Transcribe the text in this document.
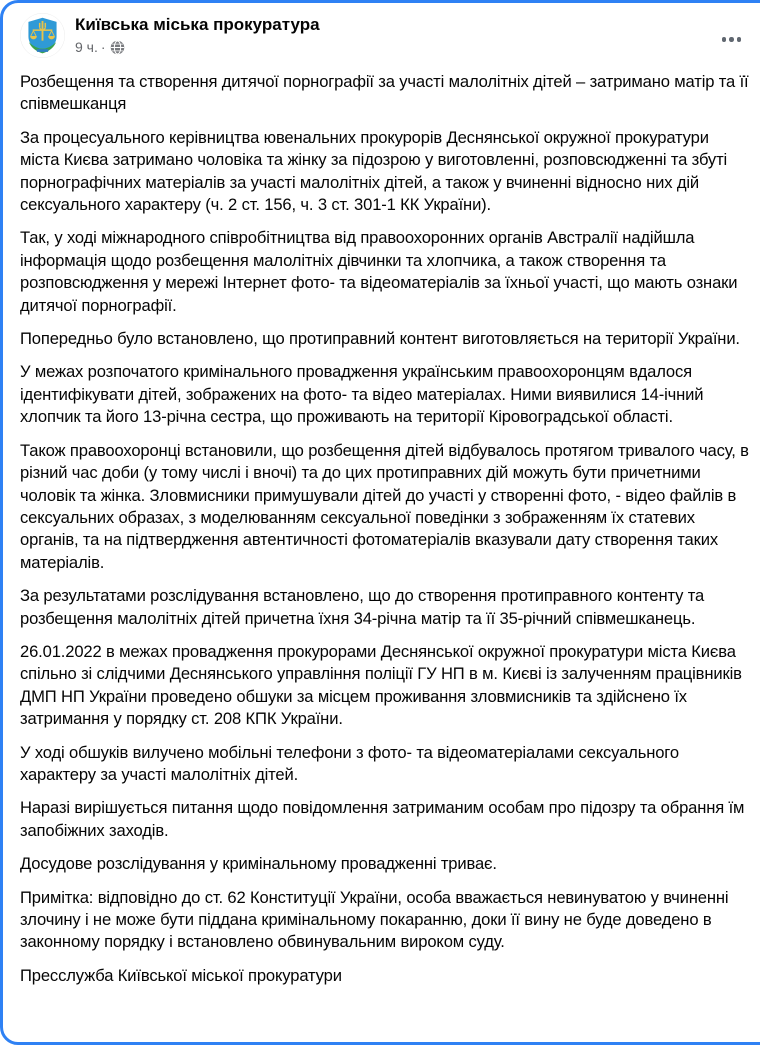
Київська міська прокуратура
9 ч. ·

Розбещення та створення дитячої порнографії за участі малолітніх дітей – затримано матір та її співмешканця

За процесуального керівництва ювенальних прокурорів Деснянської окружної прокуратури міста Києва затримано чоловіка та жінку за підозрою у виготовленні, розповсюдженні та збуті порнографічних матеріалів за участі малолітніх дітей, а також у вчиненні відносно них дій сексуального характеру (ч. 2 ст. 156, ч. 3 ст. 301-1 КК України).

Так, у ході міжнародного співробітництва від правоохоронних органів Австралії надійшла інформація щодо розбещення малолітніх дівчинки та хлопчика, а також створення та розповсюдження у мережі Інтернет фото- та відеоматеріалів за їхньої участі, що мають ознаки дитячої порнографії.

Попередньо було встановлено, що протиправний контент виготовляється на території України.

У межах розпочатого кримінального провадження українським правоохоронцям вдалося ідентифікувати дітей, зображених на фото- та відео матеріалах. Ними виявилися 14-ічний хлопчик та його 13-річна сестра, що проживають на території Кіровоградської області.

Також правоохоронці встановили, що розбещення дітей відбувалось протягом тривалого часу, в різний час доби (у тому числі і вночі) та до цих протиправних дій можуть бути причетними чоловік та жінка. Зловмисники примушували дітей до участі у створенні фото, - відео файлів в сексуальних образах, з моделюванням сексуальної поведінки з зображенням їх статевих органів, та на підтвердження автентичності фотоматеріалів вказували дату створення таких матеріалів.

За результатами розслідування встановлено, що до створення протиправного контенту та розбещення малолітніх дітей причетна їхня 34-річна матір та її 35-річний співмешканець.

26.01.2022 в межах провадження прокурорами Деснянської окружної прокуратури міста Києва спільно зі слідчими Деснянського управління поліції ГУ НП в м. Києві із залученням працівників ДМП НП України проведено обшуки за місцем проживання зловмисників та здійснено їх затримання у порядку ст. 208 КПК України.

У ході обшуків вилучено мобільні телефони з фото- та відеоматеріалами сексуального характеру за участі малолітніх дітей.

Наразі вирішується питання щодо повідомлення затриманим особам про підозру та обрання їм запобіжних заходів.

Досудове розслідування у кримінальному провадженні триває.

Примітка: відповідно до ст. 62 Конституції України, особа вважається невинуватою у вчиненні злочину і не може бути піддана кримінальному покаранню, доки її вину не буде доведено в законному порядку і встановлено обвинувальним вироком суду.

Пресслужба Київської міської прокуратури
